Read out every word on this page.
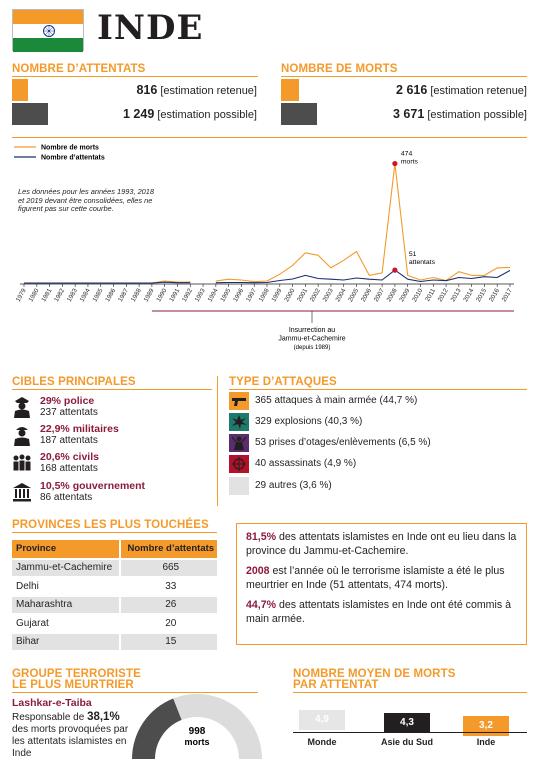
INDE
NOMBRE D’ATTENTATS
816 [estimation retenue]
1 249 [estimation possible]
NOMBRE DE MORTS
2 616 [estimation retenue]
3 671 [estimation possible]
Nombre de morts
Nombre d’attentats
1979 1980 1981 1982 1983 1984 1985 1986 1987 1988 1989 1990 1991 1992 1993 1994 1995 1996 1997 1998 1999 2000 2001 2002 2003 2004 2005 2006 2007 2008 2009 2010 2011 2012 2013 2014 2015 2016 2017
474
morts
51
attentats
Insurrection au
Jammu-et-Cachemire
(depuis 1989)
Les données pour les années 1993, 2018 et 2019 devant être consolidées, elles ne figurent pas sur cette courbe.
CIBLES PRINCIPALES
29% police
237 attentats
22,9% militaires
187 attentats
20,6% civils
168 attentats
10,5% gouvernement
86 attentats
TYPE D’ATTAQUES
365 attaques à main armée (44,7 %)
329 explosions (40,3 %)
53 prises d’otages/enlèvements (6,5 %)
40 assassinats (4,9 %)
29 autres (3,6 %)
PROVINCES LES PLUS TOUCHÉES
Province	Nombre d’attentats
Jammu-et-Cachemire	665
Delhi	33
Maharashtra	26
Gujarat	20
Bihar	15

81,5% des attentats islamistes en Inde ont eu lieu dans la province du Jammu-et-Cachemire.

2008 est l’année où le terrorisme islamiste a été le plus meurtrier en Inde (51 attentats, 474 morts).

44,7% des attentats islamistes en Inde ont été commis à main armée.

GROUPE TERRORISTE
LE PLUS MEURTRIER
Lashkar-e-Taiba
Responsable de 38,1% des morts provoquées par les attentats islamistes en Inde
998
morts
NOMBRE MOYEN DE MORTS
PAR ATTENTAT
4,9	4,3	3,2
Monde	Asie du Sud	Inde
